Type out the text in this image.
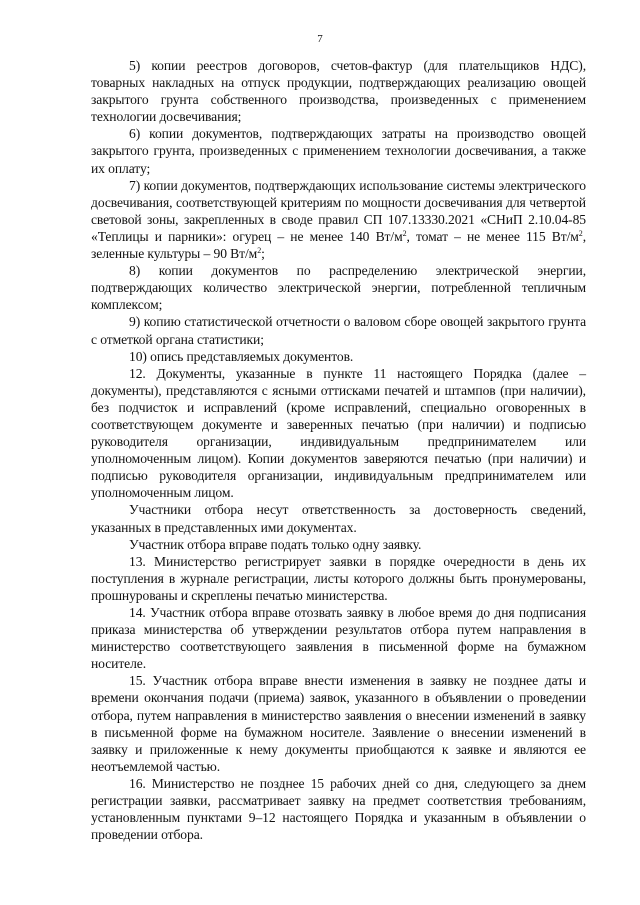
7

5) копии реестров договоров, счетов-фактур (для плательщиков НДС), товарных накладных на отпуск продукции, подтверждающих реализацию овощей закрытого грунта собственного производства, произведенных с применением технологии досвечивания;

6) копии документов, подтверждающих затраты на производство овощей закрытого грунта, произведенных с применением технологии досвечивания, а также их оплату;

7) копии документов, подтверждающих использование системы электрического досвечивания, соответствующей критериям по мощности досвечивания для четвертой световой зоны, закрепленных в своде правил СП 107.13330.2021 «СНиП 2.10.04-85 «Теплицы и парники»: огурец – не менее 140 $Вт/м^2$, томат – не менее 115 $Вт/м^2$, зеленные культуры – 90 $Вт/м^2$;

8) копии документов по распределению электрической энергии, подтверждающих количество электрической энергии, потребленной тепличным комплексом;

9) копию статистической отчетности о валовом сборе овощей закрытого грунта с отметкой органа статистики;

10) опись представляемых документов.

12. Документы, указанные в пункте 11 настоящего Порядка (далее – документы), представляются с ясными оттисками печатей и штампов (при наличии), без подчисток и исправлений (кроме исправлений, специально оговоренных в соответствующем документе и заверенных печатью (при наличии) и подписью руководителя организации, индивидуальным предпринимателем или уполномоченным лицом). Копии документов заверяются печатью (при наличии) и подписью руководителя организации, индивидуальным предпринимателем или уполномоченным лицом.

Участники отбора несут ответственность за достоверность сведений, указанных в представленных ими документах.

Участник отбора вправе подать только одну заявку.

13. Министерство регистрирует заявки в порядке очередности в день их поступления в журнале регистрации, листы которого должны быть пронумерованы, прошнурованы и скреплены печатью министерства.

14. Участник отбора вправе отозвать заявку в любое время до дня подписания приказа министерства об утверждении результатов отбора путем направления в министерство соответствующего заявления в письменной форме на бумажном носителе.

15. Участник отбора вправе внести изменения в заявку не позднее даты и времени окончания подачи (приема) заявок, указанного в объявлении о проведении отбора, путем направления в министерство заявления о внесении изменений в заявку в письменной форме на бумажном носителе. Заявление о внесении изменений в заявку и приложенные к нему документы приобщаются к заявке и являются ее неотъемлемой частью.

16. Министерство не позднее 15 рабочих дней со дня, следующего за днем регистрации заявки, рассматривает заявку на предмет соответствия требованиям, установленным пунктами 9–12 настоящего Порядка и указанным в объявлении о проведении отбора.
